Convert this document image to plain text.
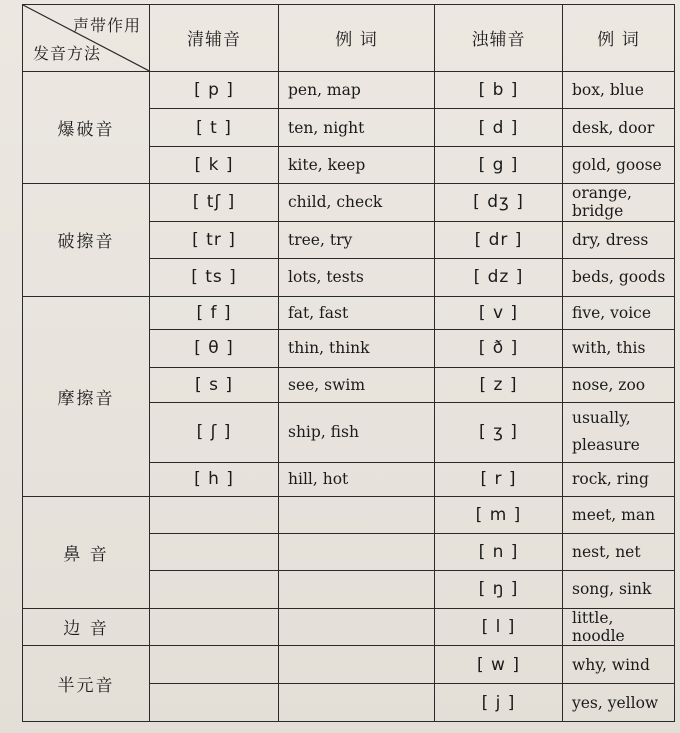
声带作用
发音方法	清辅音	例 词	浊辅音	例 词
爆破音	[ p ]	pen, map	[ b ]	box, blue
	[ t ]	ten, night	[ d ]	desk, door
	[ k ]	kite, keep	[ g ]	gold, goose
破擦音	[ tʃ ]	child, check	[ dʒ ]	orange, bridge
	[ tr ]	tree, try	[ dr ]	dry, dress
	[ ts ]	lots, tests	[ dz ]	beds, goods
摩擦音	[ f ]	fat, fast	[ v ]	five, voice
	[ θ ]	thin, think	[ ð ]	with, this
	[ s ]	see, swim	[ z ]	nose, zoo
	[ ʃ ]	ship, fish	[ ʒ ]	usually,
pleasure

	[ h ]	hill, hot	[ r ]	rock, ring
鼻 音			[ m ]	meet, man
			[ n ]	nest, net
			[ ŋ ]	song, sink
边 音			[ l ]	little, noodle
半元音			[ w ]	why, wind
			[ j ]	yes, yellow
